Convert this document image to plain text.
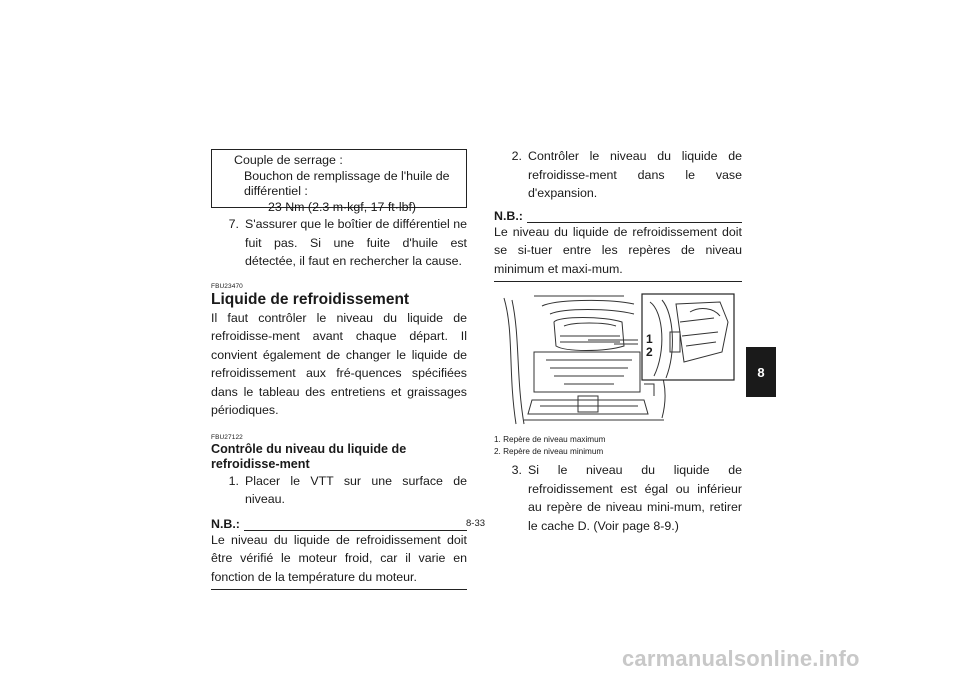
Couple de serrage :
Bouchon de remplissage de l'huile de
différentiel :
23 Nm (2.3 m·kgf, 17 ft·lbf)
7. S'assurer que le boîtier de différentiel ne fuit pas. Si une fuite d'huile est détectée, il faut en rechercher la cause.
FBU23470
Liquide de refroidissement
Il faut contrôler le niveau du liquide de refroidisse-ment avant chaque départ. Il convient également de changer le liquide de refroidissement aux fré-quences spécifiées dans le tableau des entretiens et graissages périodiques.
FBU27122
Contrôle du niveau du liquide de refroidisse-ment
1. Placer le VTT sur une surface de niveau.
N.B.:
Le niveau du liquide de refroidissement doit être vérifié le moteur froid, car il varie en fonction de la température du moteur.
2. Contrôler le niveau du liquide de refroidisse-ment dans le vase d'expansion.
N.B.:
Le niveau du liquide de refroidissement doit se si-tuer entre les repères de niveau minimum et maxi-mum.
1
2
1. Repère de niveau maximum
2. Repère de niveau minimum
3. Si le niveau du liquide de refroidissement est égal ou inférieur au repère de niveau mini-mum, retirer le cache D. (Voir page 8-9.)
8
8-33
carmanualsonline.info
